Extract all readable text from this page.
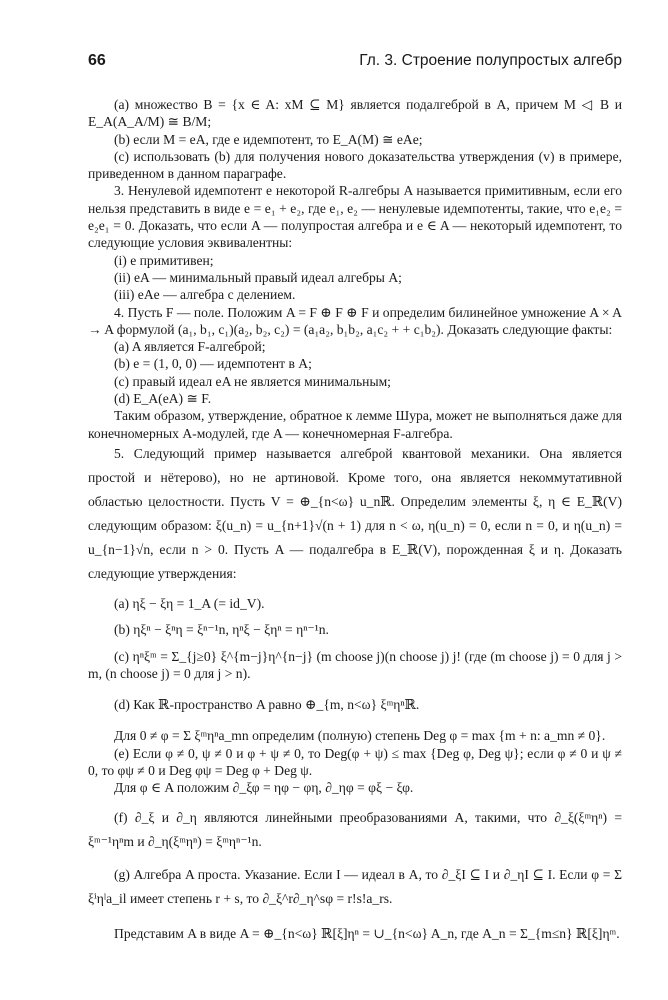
66	Гл. 3. Строение полупростых алгебр

(a) множество B = {x ∈ A: xM ⊆ M} является подалгеброй в A, причем M ◁ B и E_A(A_A/M) ≅ B/M;

(b) если M = eA, где e идемпотент, то E_A(M) ≅ eAe;

(c) использовать (b) для получения нового доказательства утверждения (v) в примере, приведенном в данном параграфе.

3. Ненулевой идемпотент e некоторой R-алгебры A называется примитивным, если его нельзя представить в виде e = e₁ + e₂, где e₁, e₂ — ненулевые идемпотенты, такие, что e₁e₂ = e₂e₁ = 0. Доказать, что если A — полупростая алгебра и e ∈ A — некоторый идемпотент, то следующие условия эквивалентны:

(i) e примитивен;

(ii) eA — минимальный правый идеал алгебры A;

(iii) eAe — алгебра с делением.

4. Пусть F — поле. Положим A = F ⊕ F ⊕ F и определим билинейное умножение A × A → A формулой (a₁, b₁, c₁)(a₂, b₂, c₂) = (a₁a₂, b₁b₂, a₁c₂ + + c₁b₂). Доказать следующие факты:

(a) A является F-алгеброй;

(b) e = (1, 0, 0) — идемпотент в A;

(c) правый идеал eA не является минимальным;

(d) E_A(eA) ≅ F.

Таким образом, утверждение, обратное к лемме Шура, может не выполняться даже для конечномерных A-модулей, где A — конечномерная F-алгебра.

5. Следующий пример называется алгеброй квантовой механики. Она является простой и нётерово), но не артиновой. Кроме того, она является некоммутативной областью целостности. Пусть V = ⊕_{n<ω} u_nℝ. Определим элементы ξ, η ∈ E_ℝ(V) следующим образом: ξ(u_n) = u_{n+1}√(n + 1) для n < ω, η(u_n) = 0, если n = 0, и η(u_n) = u_{n−1}√n, если n > 0. Пусть A — подалгебра в E_ℝ(V), порожденная ξ и η. Доказать следующие утверждения:

(a) ηξ − ξη = 1_A (= id_V).

(b) ηξⁿ − ξⁿη = ξⁿ⁻¹n, ηⁿξ − ξηⁿ = ηⁿ⁻¹n.

(c) ηⁿξᵐ = Σ_{j≥0} ξ^{m−j}η^{n−j} (m choose j)(n choose j) j! (где (m choose j) = 0 для j > m, (n choose j) = 0 для j > n).

(d) Как ℝ-пространство A равно ⊕_{m, n<ω} ξᵐηⁿℝ.

Для 0 ≠ φ = Σ ξᵐηⁿa_mn определим (полную) степень Deg φ = max {m + n: a_mn ≠ 0}.

(e) Если φ ≠ 0, ψ ≠ 0 и φ + ψ ≠ 0, то Deg(φ + ψ) ≤ max {Deg φ, Deg ψ}; если φ ≠ 0 и ψ ≠ 0, то φψ ≠ 0 и Deg φψ = Deg φ + Deg ψ.

Для φ ∈ A положим ∂_ξφ = ηφ − φη, ∂_ηφ = φξ − ξφ.

(f) ∂_ξ и ∂_η являются линейными преобразованиями A, такими, что ∂_ξ(ξᵐηⁿ) = ξᵐ⁻¹ηⁿm и ∂_η(ξᵐηⁿ) = ξᵐηⁿ⁻¹n.

(g) Алгебра A проста. Указание. Если I — идеал в A, то ∂_ξI ⊆ I и ∂_ηI ⊆ I. Если φ = Σ ξⁱηˡa_il имеет степень r + s, то ∂_ξ^r∂_η^sφ = r!s!a_rs.

Представим A в виде A = ⊕_{n<ω} ℝ[ξ]ηⁿ = ∪_{n<ω} A_n, где A_n = Σ_{m≤n} ℝ[ξ]ηᵐ.
